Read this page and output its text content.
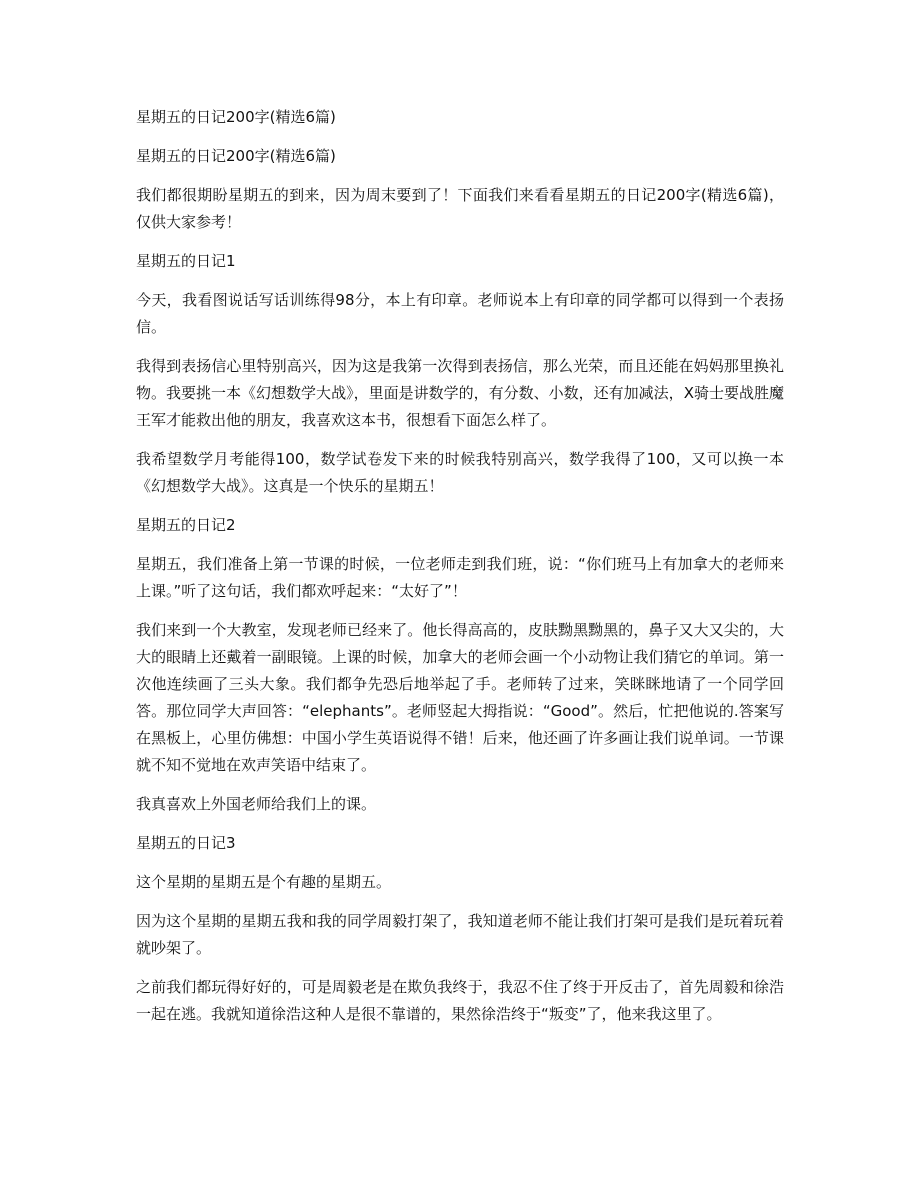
星期五的日记200字(精选6篇)

星期五的日记200字(精选6篇)

我们都很期盼星期五的到来，因为周末要到了！下面我们来看看星期五的日记200字(精选6篇)，仅供大家参考！

星期五的日记1

今天，我看图说话写话训练得98分，本上有印章。老师说本上有印章的同学都可以得到一个表扬信。

我得到表扬信心里特别高兴，因为这是我第一次得到表扬信，那么光荣，而且还能在妈妈那里换礼物。我要挑一本《幻想数学大战》，里面是讲数学的，有分数、小数，还有加减法，X骑士要战胜魔王军才能救出他的朋友，我喜欢这本书，很想看下面怎么样了。

我希望数学月考能得100，数学试卷发下来的时候我特别高兴，数学我得了100，又可以换一本《幻想数学大战》。这真是一个快乐的星期五！

星期五的日记2

星期五，我们准备上第一节课的时候，一位老师走到我们班，说：“你们班马上有加拿大的老师来上课。”听了这句话，我们都欢呼起来：“太好了”！

我们来到一个大教室，发现老师已经来了。他长得高高的，皮肤黝黑黝黑的，鼻子又大又尖的，大大的眼睛上还戴着一副眼镜。上课的时候，加拿大的老师会画一个小动物让我们猜它的单词。第一次他连续画了三头大象。我们都争先恐后地举起了手。老师转了过来，笑眯眯地请了一个同学回答。那位同学大声回答：“elephants”。老师竖起大拇指说：“Good”。然后，忙把他说的.答案写在黑板上，心里仿佛想：中国小学生英语说得不错！后来，他还画了许多画让我们说单词。一节课就不知不觉地在欢声笑语中结束了。

我真喜欢上外国老师给我们上的课。

星期五的日记3

这个星期的星期五是个有趣的星期五。

因为这个星期的星期五我和我的同学周毅打架了，我知道老师不能让我们打架可是我们是玩着玩着就吵架了。

之前我们都玩得好好的，可是周毅老是在欺负我终于，我忍不住了终于开反击了，首先周毅和徐浩一起在逃。我就知道徐浩这种人是很不靠谱的，果然徐浩终于“叛变”了，他来我这里了。
